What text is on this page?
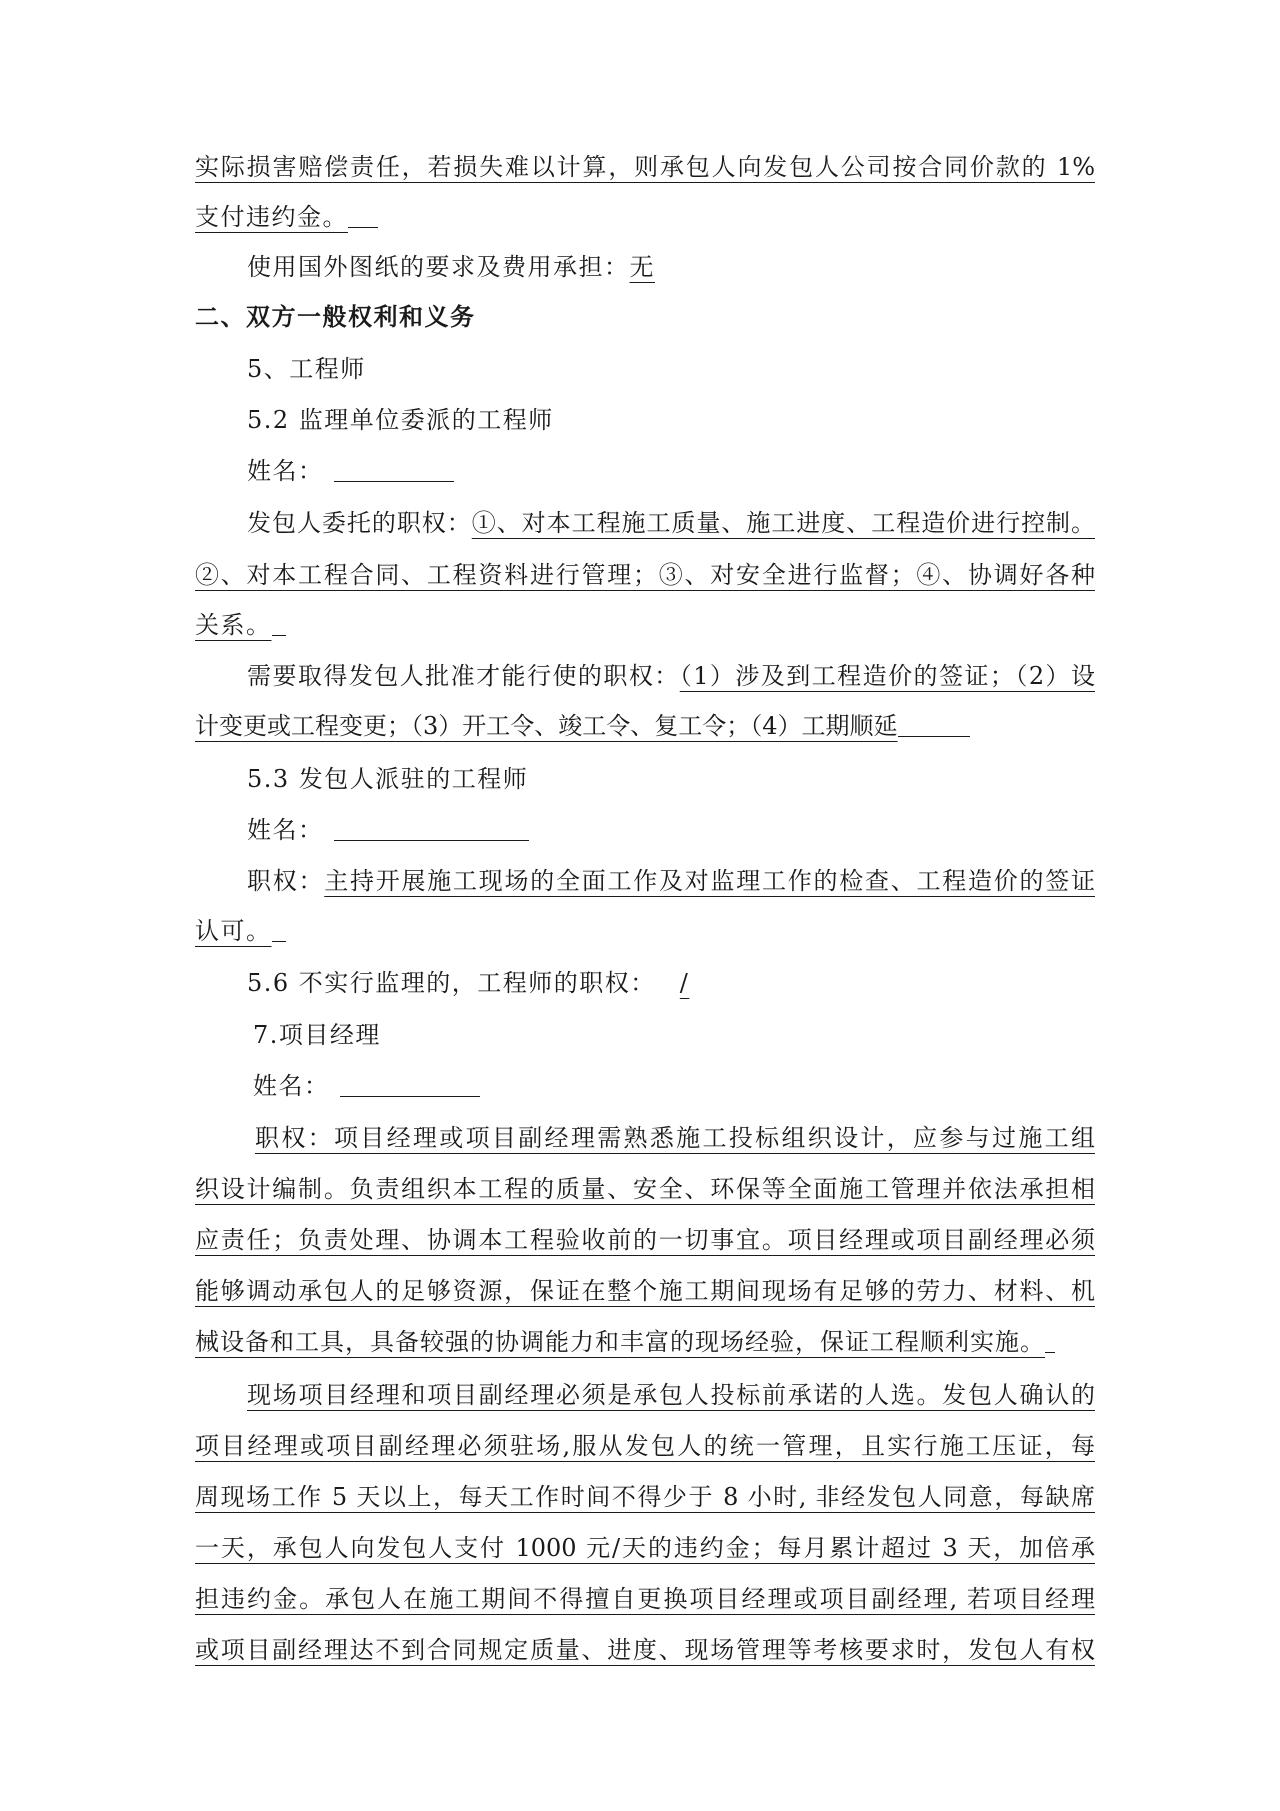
实际损害赔偿责任，若损失难以计算，则承包人向发包人公司按合同价款的 1%
支付违约金。
使用国外图纸的要求及费用承担：无
二、双方一般权利和义务
5、工程师
5.2 监理单位委派的工程师
姓名：
发包人委托的职权：①、对本工程施工质量、施工进度、工程造价进行控制。
②、对本工程合同、工程资料进行管理；③、对安全进行监督；④、协调好各种
关系。
需要取得发包人批准才能行使的职权：（1）涉及到工程造价的签证；（2）设
计变更或工程变更；（3）开工令、竣工令、复工令；（4）工期顺延
5.3 发包人派驻的工程师
姓名：
职权：主持开展施工现场的全面工作及对监理工作的检查、工程造价的签证
认可。
5.6 不实行监理的，工程师的职权： /
7.项目经理
姓名：
职权：项目经理或项目副经理需熟悉施工投标组织设计，应参与过施工组
织设计编制。负责组织本工程的质量、安全、环保等全面施工管理并依法承担相
应责任；负责处理、协调本工程验收前的一切事宜。项目经理或项目副经理必须
能够调动承包人的足够资源，保证在整个施工期间现场有足够的劳力、材料、机
械设备和工具，具备较强的协调能力和丰富的现场经验，保证工程顺利实施。
现场项目经理和项目副经理必须是承包人投标前承诺的人选。发包人确认的
项目经理或项目副经理必须驻场,服从发包人的统一管理，且实行施工压证，每
周现场工作 5 天以上，每天工作时间不得少于 8 小时, 非经发包人同意，每缺席
一天，承包人向发包人支付 1000 元/天的违约金；每月累计超过 3 天，加倍承
担违约金。承包人在施工期间不得擅自更换项目经理或项目副经理, 若项目经理
或项目副经理达不到合同规定质量、进度、现场管理等考核要求时，发包人有权
